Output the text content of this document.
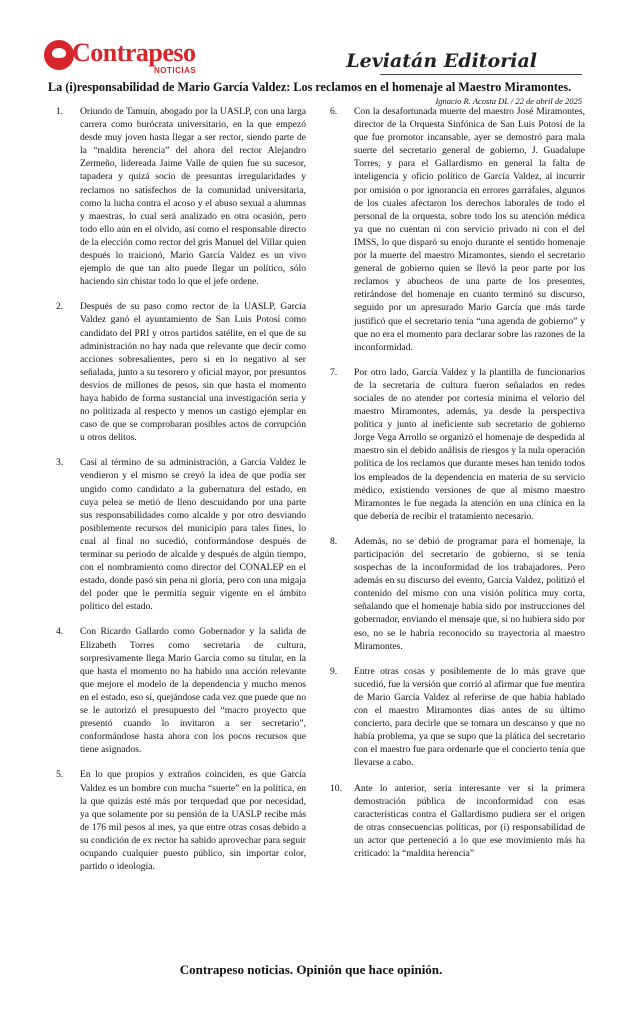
Contrapeso
NOTICIAS	Leviatán Editorial
La (i)responsabilidad de Mario García Valdez: Los reclamos en el homenaje al Maestro Miramontes.
Ignacio R. Acosta DL / 22 de abril de 2025
1. Oriundo de Tamuín, abogado por la UASLP, con una larga carrera como burócrata universitario, en la que empezó desde muy joven hasta llegar a ser rector, siendo parte de la “maldita herencia” del ahora del rector Alejandro Zermeño, lidereada Jaime Valle de quien fue su sucesor, tapadera y quizá socio de presuntas irregularidades y reclamos no satisfechos de la comunidad universitaria, como la lucha contra el acoso y el abuso sexual a alumnas y maestras, lo cual será analizado en otra ocasión, pero todo ello aún en el olvido, así como el responsable directo de la elección como rector del gris Manuel del Villar quien después lo traicionó, Mario García Valdez es un vivo ejemplo de que tan alto puede llegar un político, sólo haciendo sin chistar todo lo que el jefe ordene.
2. Después de su paso como rector de la UASLP, García Valdez ganó el ayuntamiento de San Luis Potosí como candidato del PRI y otros partidos satélite, en el que de su administración no hay nada que relevante que decir como acciones sobresalientes, pero si en lo negativo al ser señalada, junto a su tesorero y oficial mayor, por presuntos desvíos de millones de pesos, sin que hasta el momento haya habido de forma sustancial una investigación seria y no politizada al respecto y menos un castigo ejemplar en caso de que se comprobaran posibles actos de corrupción u otros delitos.
3. Casi al término de su administración, a García Valdez le vendieron y el mismo se creyó la idea de que podía ser ungido como candidato a la gubernatura del estado, en cuya pelea se metió de lleno descuidando por una parte sus responsabilidades como alcalde y por otro desviando posiblemente recursos del municipio para tales fines, lo cual al final no sucedió, conformándose después de terminar su periodo de alcalde y después de algún tiempo, con el nombramiento como director del CONALEP en el estado, donde pasó sin pena ni gloria, pero con una migaja del poder que le permitía seguir vigente en el ámbito político del estado.
4. Con Ricardo Gallardo como Gobernador y la salida de Elizabeth Torres como secretaria de cultura, sorpresivamente llega Mario García como su titular, en la que hasta el momento no ha habido una acción relevante que mejore el modelo de la dependencia y mucho menos en el estado, eso sí, quejándose cada vez que puede que no se le autorizó el presupuesto del “macro proyecto que presentó cuando lo invitaron a ser secretario”, conformándose hasta ahora con los pocos recursos que tiene asignados.
5. En lo que propios y extraños coinciden, es que García Valdez es un hombre con mucha “suerte” en la política, en la que quizás esté más por terquedad que por necesidad, ya que solamente por su pensión de la UASLP recibe más de 176 mil pesos al mes, ya que entre otras cosas debido a su condición de ex rector ha sabido aprovechar para seguir ocupando cualquier puesto público, sin importar color, partido o ideología.
6. Con la desafortunada muerte del maestro José Miramontes, director de la Orquesta Sinfónica de San Luis Potosí de la que fue promotor incansable, ayer se demostró para mala suerte del secretario general de gobierno, J. Guadalupe Torres, y para el Gallardismo en general la falta de inteligencia y oficio político de García Valdez, al incurrir por omisión o por ignorancia en errores garrafales, algunos de los cuales afectaron los derechos laborales de todo el personal de la orquesta, sobre todo los su atención médica ya que no cuentan ni con servicio privado ni con el del IMSS, lo que disparó su enojo durante el sentido homenaje por la muerte del maestro Miramontes, siendo el secretario general de gobierno quien se llevó la peor parte por los reclamos y abucheos de una parte de los presentes, retirándose del homenaje en cuanto terminó su discurso, seguido por un apresurado Mario García que más tarde justificó que el secretario tenía “una agenda de gobierno” y que no era el momento para declarar sobre las razones de la inconformidad.
7. Por otro lado, García Valdez y la plantilla de funcionarios de la secretaría de cultura fueron señalados en redes sociales de no atender por cortesía mínima el velorio del maestro Miramontes, además, ya desde la perspectiva política y junto al ineficiente sub secretario de gobierno Jorge Vega Arrollo se organizó el homenaje de despedida al maestro sin el debido análisis de riesgos y la nula operación política de los reclamos que durante meses han tenido todos los empleados de la dependencia en materia de su servicio médico, existiendo versiones de que al mismo maestro Miramontes le fue negada la atención en una clínica en la que debería de recibir el tratamiento necesario.
8. Además, no se debió de programar para el homenaje, la participación del secretario de gobierno, si se tenía sospechas de la inconformidad de los trabajadores. Pero además en su discurso del evento, García Valdez, politizó el contenido del mismo con una visión política muy corta, señalando que el homenaje había sido por instrucciones del gobernador, enviando el mensaje que, si no hubiera sido por eso, no se le habría reconocido su trayectoria al maestro Miramontes.
9. Entre otras cosas y posiblemente de lo más grave que sucedió, fue la versión que corrió al afirmar que fue mentira de Mario García Valdez al referirse de que había hablado con el maestro Miramontes días antes de su último concierto, para decirle que se tomara un descanso y que no había problema, ya que se supo que la plática del secretario con el maestro fue para ordenarle que el concierto tenía que llevarse a cabo.
10. Ante lo anterior, sería interesante ver si la primera demostración pública de inconformidad con esas características contra el Gallardismo pudiera ser el origen de otras consecuencias políticas, por (i) responsabilidad de un actor que perteneció a lo que ese movimiento más ha criticado: la “maldita herencia”
Contrapeso noticias. Opinión que hace opinión.
